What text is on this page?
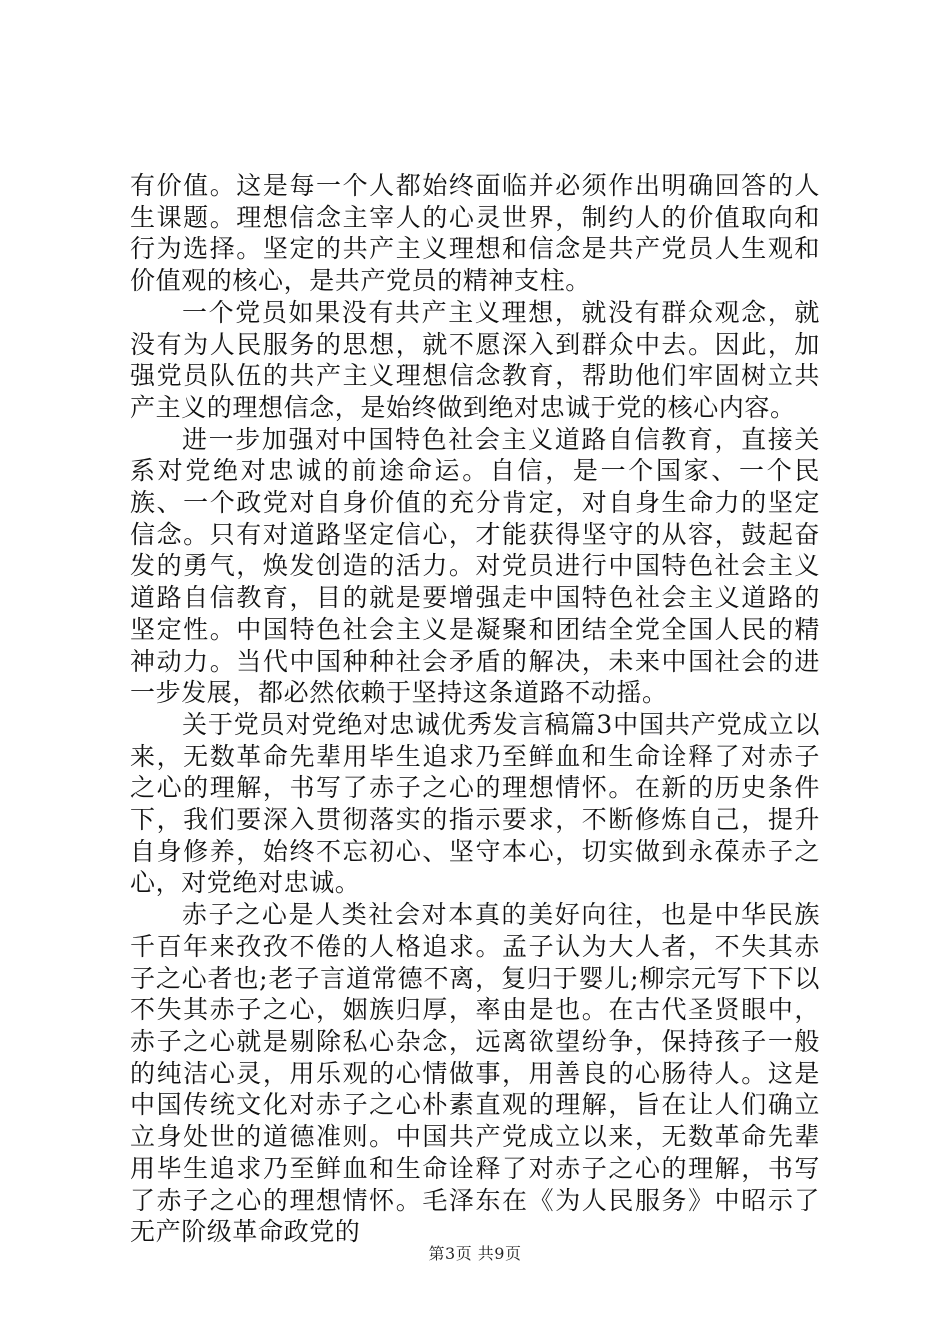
有价值。这是每一个人都始终面临并必须作出明确回答的人生课题。理想信念主宰人的心灵世界，制约人的价值取向和行为选择。坚定的共产主义理想和信念是共产党员人生观和价值观的核心，是共产党员的精神支柱。

一个党员如果没有共产主义理想，就没有群众观念，就没有为人民服务的思想，就不愿深入到群众中去。因此，加强党员队伍的共产主义理想信念教育，帮助他们牢固树立共产主义的理想信念，是始终做到绝对忠诚于党的核心内容。

进一步加强对中国特色社会主义道路自信教育，直接关系对党绝对忠诚的前途命运。自信，是一个国家、一个民族、一个政党对自身价值的充分肯定，对自身生命力的坚定信念。只有对道路坚定信心，才能获得坚守的从容，鼓起奋发的勇气，焕发创造的活力。对党员进行中国特色社会主义道路自信教育，目的就是要增强走中国特色社会主义道路的坚定性。中国特色社会主义是凝聚和团结全党全国人民的精神动力。当代中国种种社会矛盾的解决，未来中国社会的进一步发展，都必然依赖于坚持这条道路不动摇。

关于党员对党绝对忠诚优秀发言稿篇3中国共产党成立以来，无数革命先辈用毕生追求乃至鲜血和生命诠释了对赤子之心的理解，书写了赤子之心的理想情怀。在新的历史条件下，我们要深入贯彻落实的指示要求，不断修炼自己，提升自身修养，始终不忘初心、坚守本心，切实做到永葆赤子之心，对党绝对忠诚。

赤子之心是人类社会对本真的美好向往，也是中华民族千百年来孜孜不倦的人格追求。孟子认为大人者，不失其赤子之心者也;老子言道常德不离，复归于婴儿;柳宗元写下下以不失其赤子之心，姻族归厚，率由是也。在古代圣贤眼中，赤子之心就是剔除私心杂念，远离欲望纷争，保持孩子一般的纯洁心灵，用乐观的心情做事，用善良的心肠待人。这是中国传统文化对赤子之心朴素直观的理解，旨在让人们确立立身处世的道德准则。中国共产党成立以来，无数革命先辈用毕生追求乃至鲜血和生命诠释了对赤子之心的理解，书写了赤子之心的理想情怀。毛泽东在《为人民服务》中昭示了无产阶级革命政党的

第3页 共9页
